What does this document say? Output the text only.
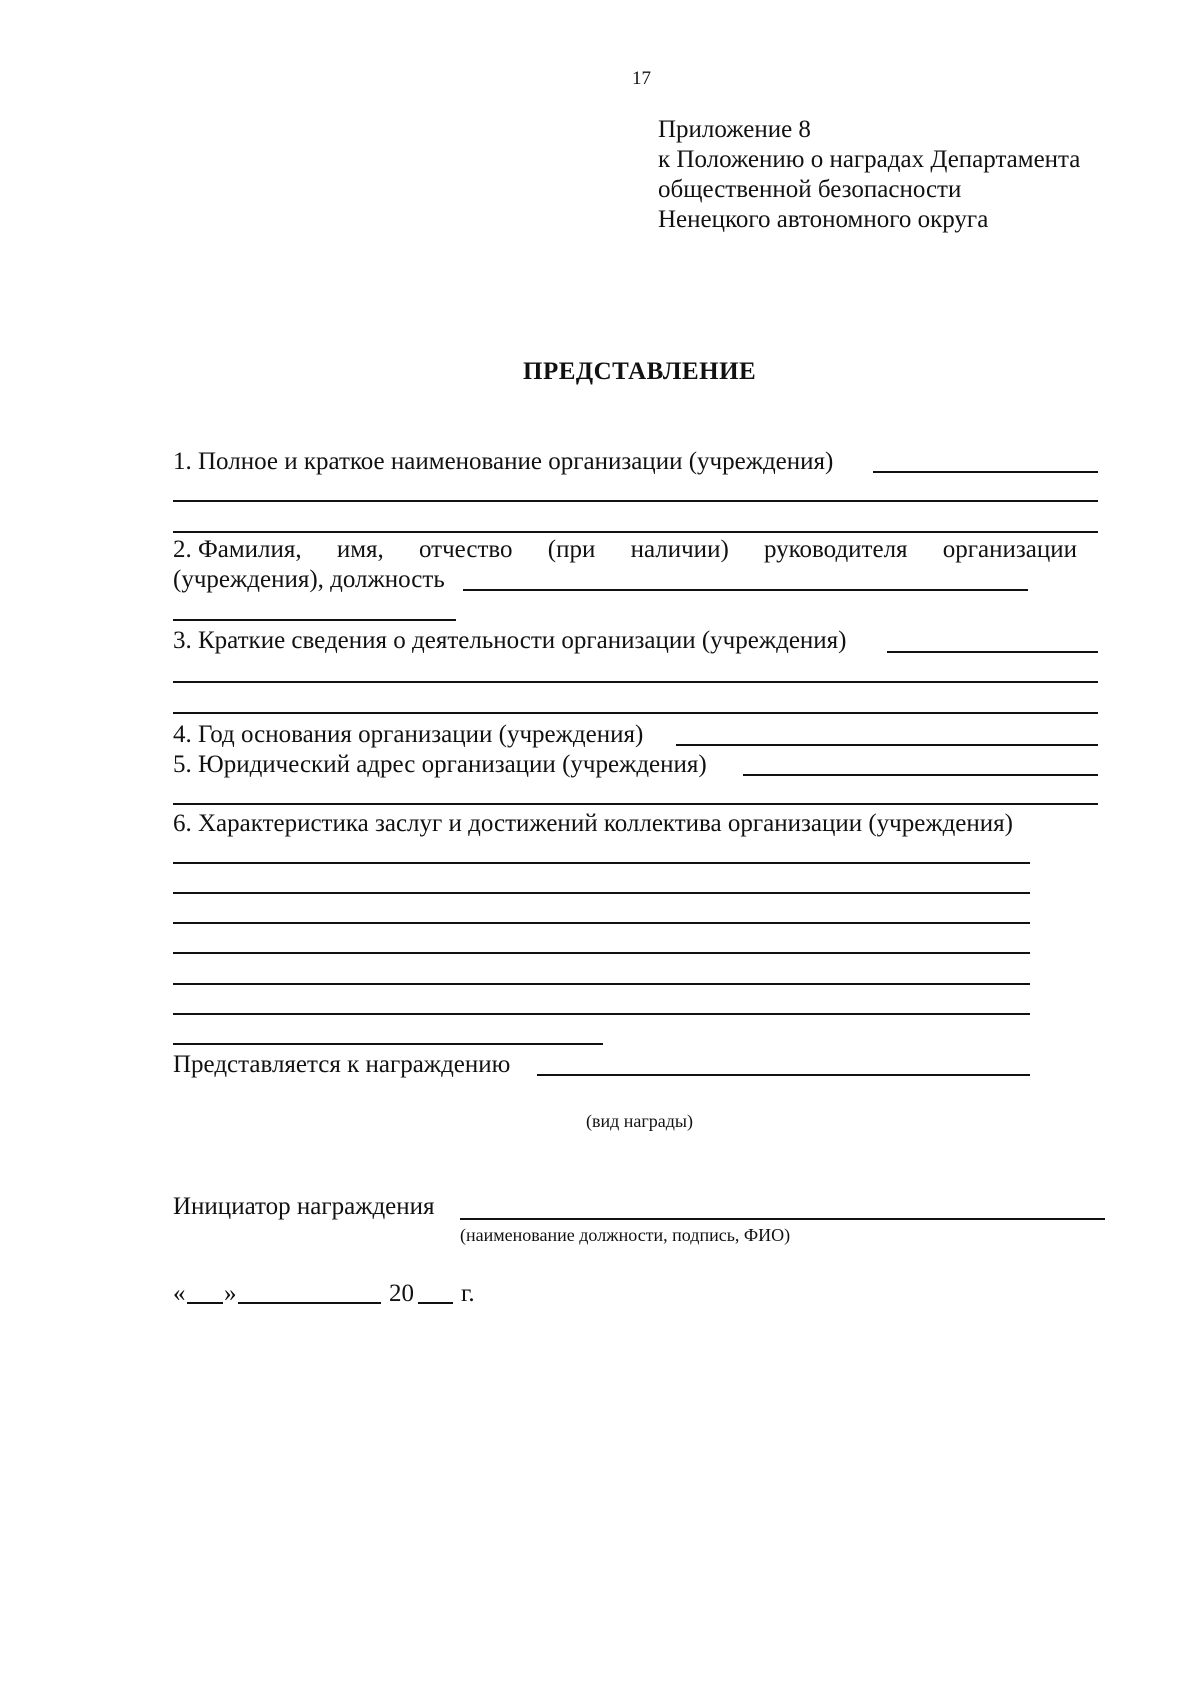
17
Приложение 8
к Положению о наградах Департамента
общественной безопасности
Ненецкого автономного округа
ПРЕДСТАВЛЕНИЕ
1. Полное и краткое наименование организации (учреждения)
2. Фамилия, имя, отчество (при наличии) руководителя организации
(учреждения), должность
3. Краткие сведения о деятельности организации (учреждения)
4. Год основания организации (учреждения)
5. Юридический адрес организации (учреждения)
6. Характеристика заслуг и достижений коллектива организации (учреждения)
Представляется к награждению
(вид награды)
Инициатор награждения
(наименование должности, подпись, ФИО)
« »	20 г.
